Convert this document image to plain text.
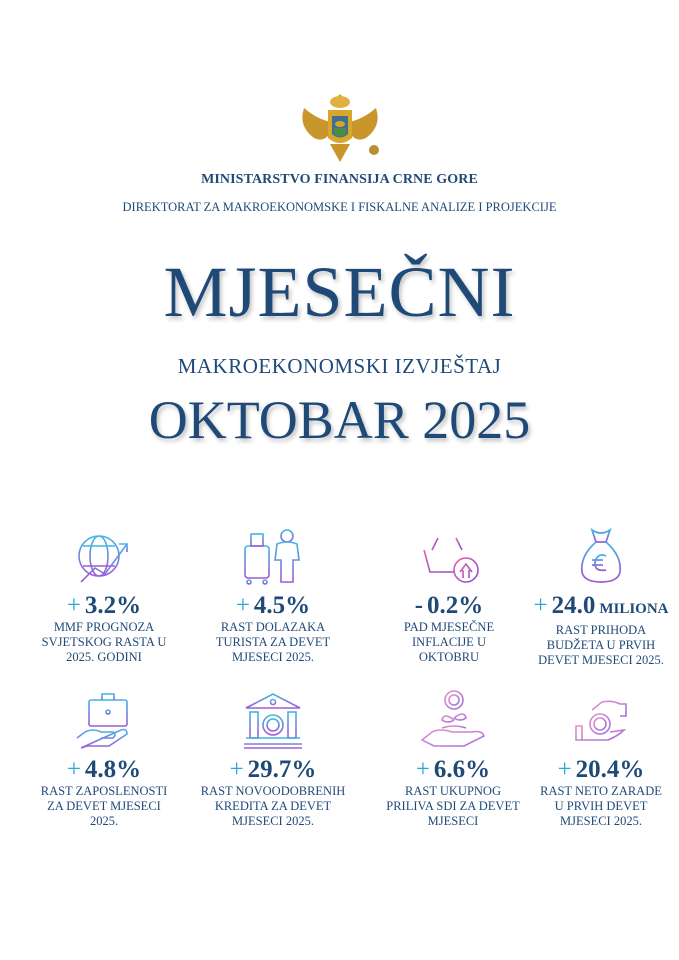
MINISTARSTVO FINANSIJA CRNE GORE
DIREKTORAT ZA MAKROEKONOMSKE I FISKALNE ANALIZE I PROJEKCIJE
MJESEČNI
MAKROEKONOMSKI IZVJEŠTAJ
OKTOBAR 2025
+ 3.2%
MMF PROGNOZA
SVJETSKOG RASTA U
2025. GODINI
+ 4.5%
RAST DOLAZAKA
TURISTA ZA DEVET
MJESECI 2025.
- 0.2%
PAD MJESEČNE
INFLACIJE U
OKTOBRU
+ 24.0 MILIONA
RAST PRIHODA
BUDŽETA U PRVIH
DEVET MJESECI 2025.
+ 4.8%
RAST ZAPOSLENOSTI
ZA DEVET MJESECI
2025.
+ 29.7%
RAST NOVOODOBRENIH
KREDITA ZA DEVET
MJESECI 2025.
+ 6.6%
RAST UKUPNOG
PRILIVA SDI ZA DEVET
MJESECI
+ 20.4%
RAST NETO ZARADE
U PRVIH DEVET
MJESECI 2025.
